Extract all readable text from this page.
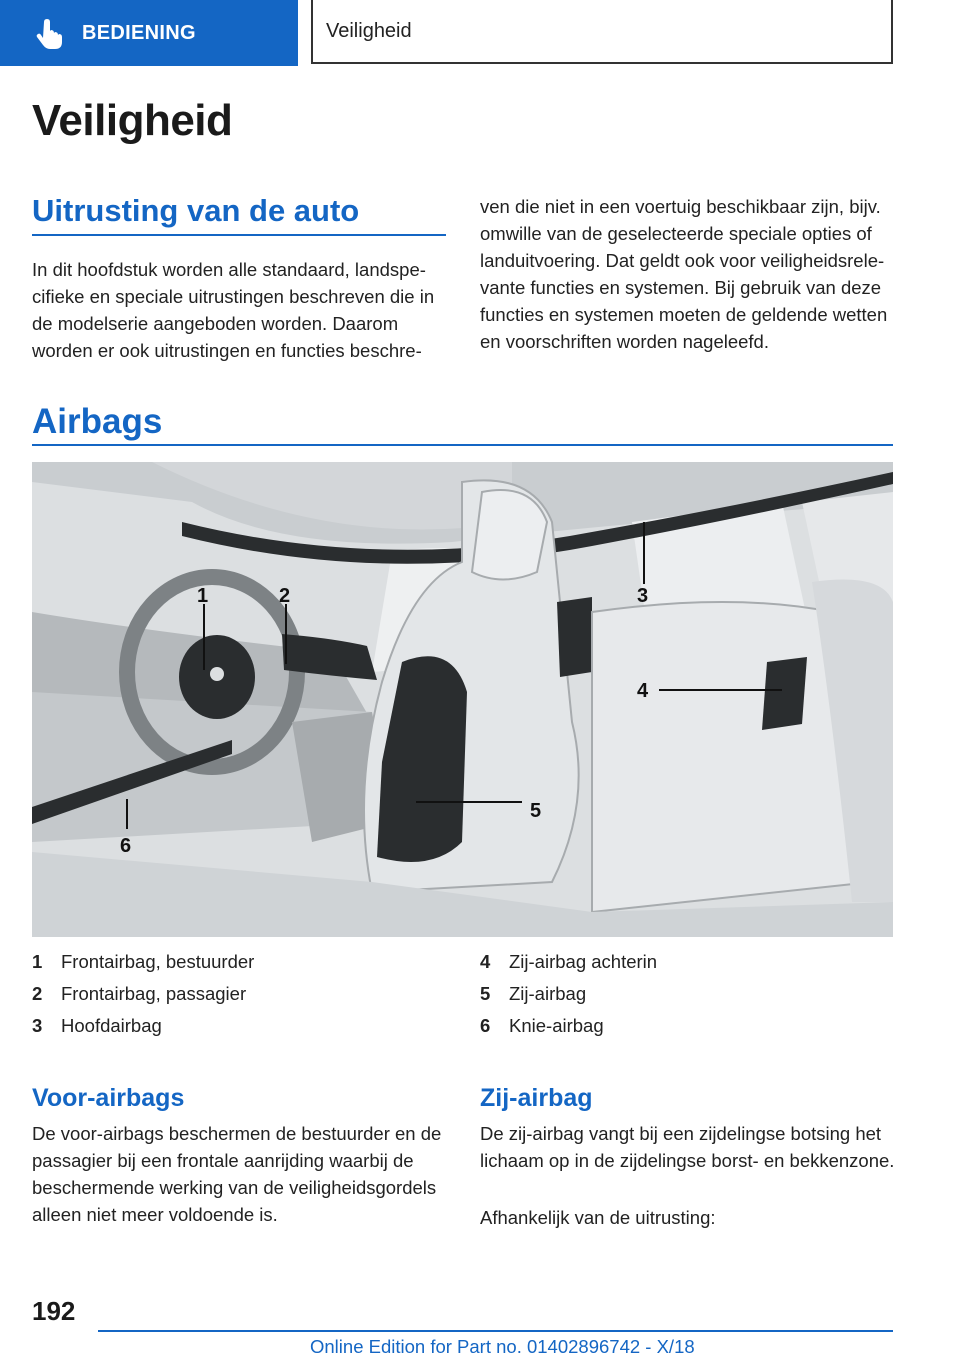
BEDIENING	Veiligheid
Veiligheid
Uitrusting van de auto

In dit hoofdstuk worden alle standaard, landspecifieke en speciale uitrustingen beschreven die in de modelserie aangeboden worden. Daarom worden er ook uitrustingen en functies beschre-

ven die niet in een voertuig beschikbaar zijn, bijv. omwille van de geselecteerde speciale opties of landuitvoering. Dat geldt ook voor veiligheidsrelevante functies en systemen. Bij gebruik van deze functies en systemen moeten de geldende wetten en voorschriften worden nageleefd.

Airbags
1	2	3
4
5
6
1	Frontairbag, bestuurder
2	Frontairbag, passagier
3	Hoofdairbag
4	Zij-airbag achterin
5	Zij-airbag
6	Knie-airbag
Voor-airbags

De voor-airbags beschermen de bestuurder en de passagier bij een frontale aanrijding waarbij de beschermende werking van de veiligheidsgordels alleen niet meer voldoende is.

Zij-airbag

De zij-airbag vangt bij een zijdelingse botsing het lichaam op in de zijdelingse borst- en bekkenzone.

Afhankelijk van de uitrusting:

192
Online Edition for Part no. 01402896742 - X/18
